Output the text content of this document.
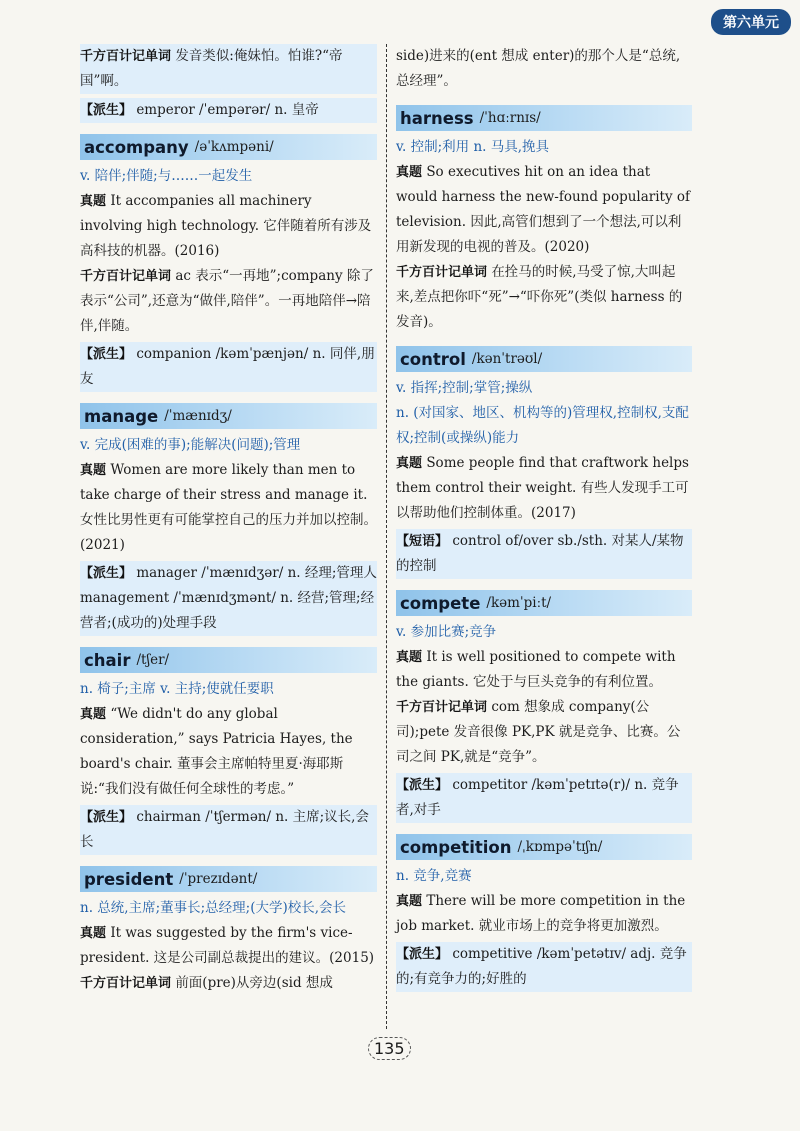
第六单元

千方百计记单词 发音类似:俺妹怕。怕谁?“帝国”啊。

【派生】 emperor /ˈempərər/ n. 皇帝

accompany /əˈkʌmpəni/

v. 陪伴;伴随;与……一起发生

真题 It accompanies all machinery involving high technology. 它伴随着所有涉及高科技的机器。(2016)

千方百计记单词 ac 表示“一再地”;company 除了表示“公司”,还意为“做伴,陪伴”。一再地陪伴→陪伴,伴随。

【派生】 companion /kəmˈpænjən/ n. 同伴,朋友

manage /ˈmænɪdʒ/

v. 完成(困难的事);能解决(问题);管理

真题 Women are more likely than men to take charge of their stress and manage it. 女性比男性更有可能掌控自己的压力并加以控制。(2021)

【派生】 manager /ˈmænɪdʒər/ n. 经理;管理人 management /ˈmænɪdʒmənt/ n. 经营;管理;经营者;(成功的)处理手段

chair /tʃer/

n. 椅子;主席 v. 主持;使就任要职

真题 “We didn't do any global consideration,” says Patricia Hayes, the board's chair. 董事会主席帕特里夏·海耶斯说:“我们没有做任何全球性的考虑。”

【派生】 chairman /ˈtʃermən/ n. 主席;议长,会长

president /ˈprezɪdənt/

n. 总统,主席;董事长;总经理;(大学)校长,会长

真题 It was suggested by the firm's vice-president. 这是公司副总裁提出的建议。(2015)

千方百计记单词 前面(pre)从旁边(sid 想成

side)进来的(ent 想成 enter)的那个人是“总统,总经理”。

harness /ˈhɑːrnɪs/

v. 控制;利用 n. 马具,挽具

真题 So executives hit on an idea that would harness the new-found popularity of television. 因此,高管们想到了一个想法,可以利用新发现的电视的普及。(2020)

千方百计记单词 在拴马的时候,马受了惊,大叫起来,差点把你吓“死”→“吓你死”(类似 harness 的发音)。

control /kənˈtrəʊl/

v. 指挥;控制;掌管;操纵

n. (对国家、地区、机构等的)管理权,控制权,支配权;控制(或操纵)能力

真题 Some people find that craftwork helps them control their weight. 有些人发现手工可以帮助他们控制体重。(2017)

【短语】 control of/over sb./sth. 对某人/某物的控制

compete /kəmˈpiːt/

v. 参加比赛;竞争

真题 It is well positioned to compete with the giants. 它处于与巨头竞争的有利位置。

千方百计记单词 com 想象成 company(公司);pete 发音很像 PK,PK 就是竞争、比赛。公司之间 PK,就是“竞争”。

【派生】 competitor /kəmˈpetɪtə(r)/ n. 竞争者,对手

competition /ˌkɒmpəˈtɪʃn/

n. 竞争,竞赛

真题 There will be more competition in the job market. 就业市场上的竞争将更加激烈。

【派生】 competitive /kəmˈpetətɪv/ adj. 竞争的;有竞争力的;好胜的

135
